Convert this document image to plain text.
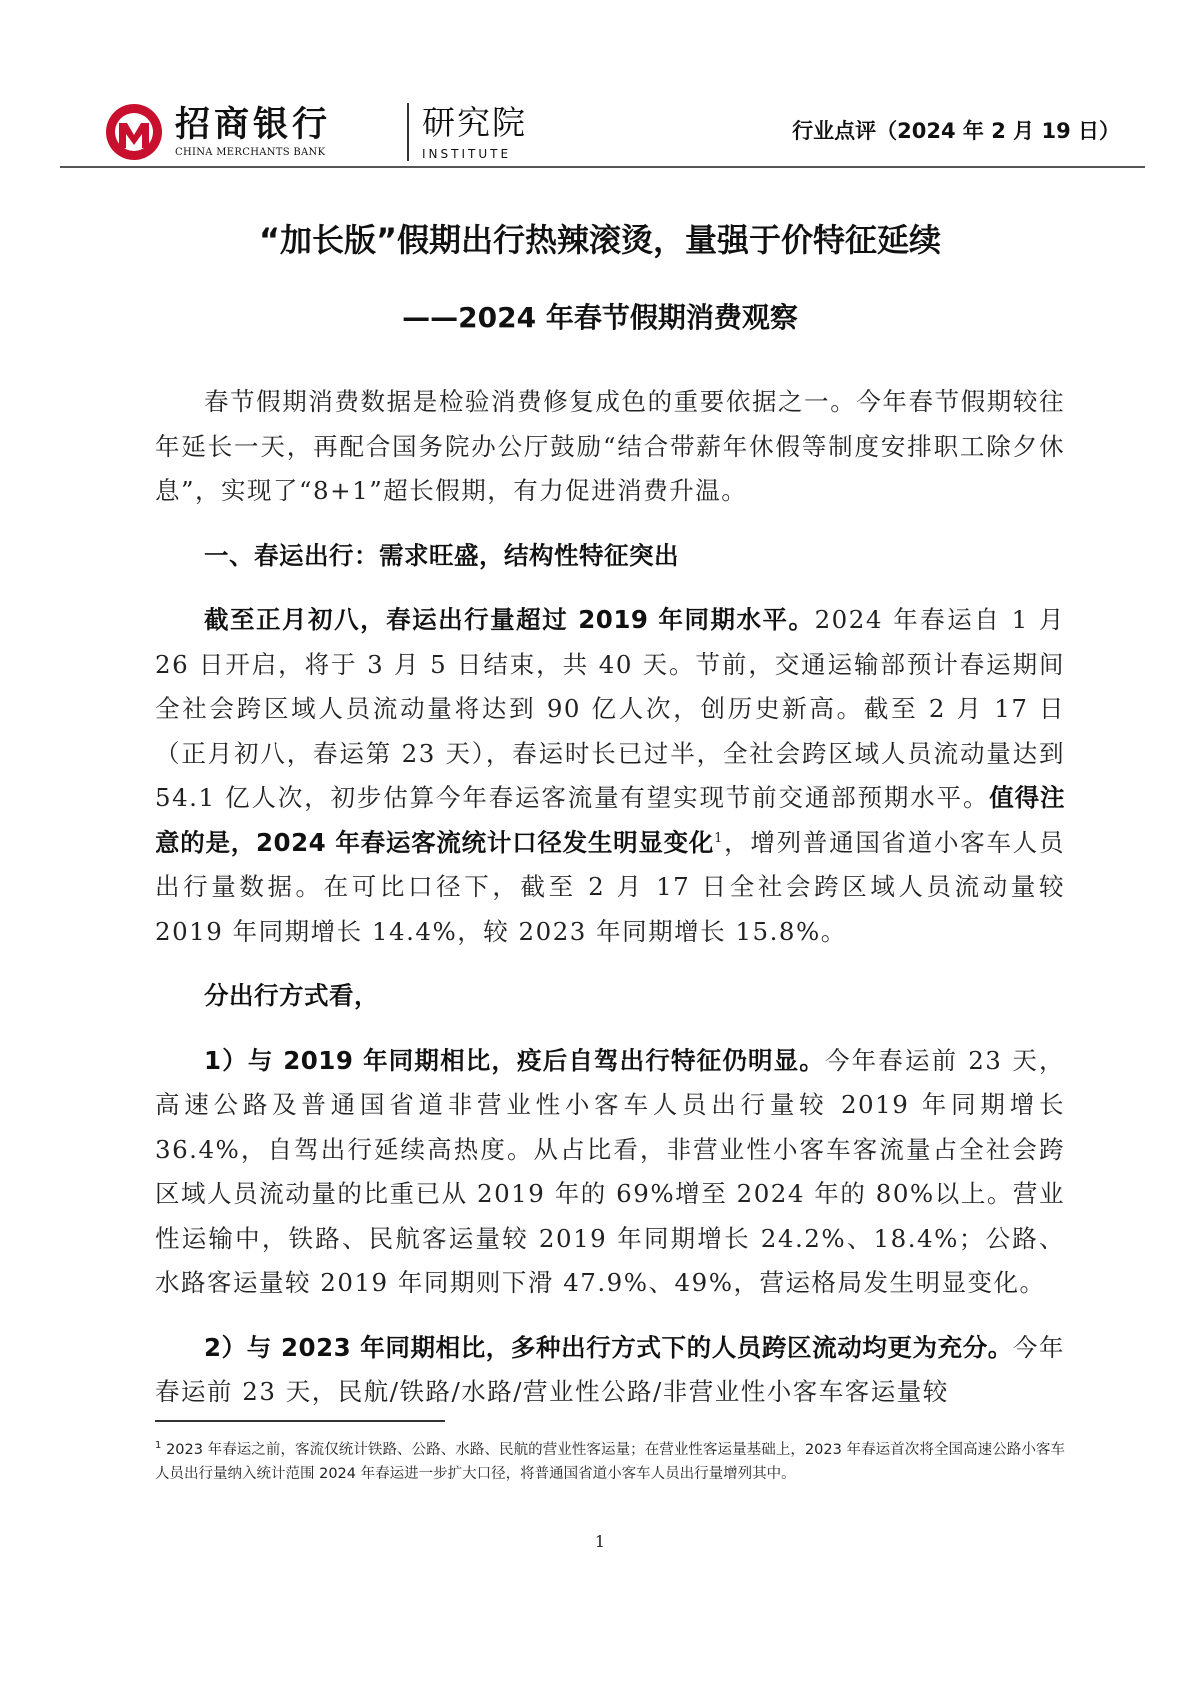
招商银行
CHINA MERCHANTS BANK
研究院
INSTITUTE
行业点评（2024 年 2 月 19 日）
“加长版”假期出行热辣滚烫，量强于价特征延续
——2024 年春节假期消费观察

春节假期消费数据是检验消费修复成色的重要依据之一。今年春节假期较往年延长一天，再配合国务院办公厅鼓励“结合带薪年休假等制度安排职工除夕休息”，实现了“8+1”超长假期，有力促进消费升温。

一、春运出行：需求旺盛，结构性特征突出

截至正月初八，春运出行量超过 2019 年同期水平。2024 年春运自 1 月 26 日开启，将于 3 月 5 日结束，共 40 天。节前，交通运输部预计春运期间全社会跨区域人员流动量将达到 90 亿人次，创历史新高。截至 2 月 17 日（正月初八，春运第 23 天），春运时长已过半，全社会跨区域人员流动量达到 54.1 亿人次，初步估算今年春运客流量有望实现节前交通部预期水平。值得注意的是，2024 年春运客流统计口径发生明显变化$^1$，增列普通国省道小客车人员出行量数据。在可比口径下，截至 2 月 17 日全社会跨区域人员流动量较 2019 年同期增长 14.4%，较 2023 年同期增长 15.8%。

分出行方式看，

1）与 2019 年同期相比，疫后自驾出行特征仍明显。今年春运前 23 天，高速公路及普通国省道非营业性小客车人员出行量较 2019 年同期增长 36.4%，自驾出行延续高热度。从占比看，非营业性小客车客流量占全社会跨区域人员流动量的比重已从 2019 年的 69%增至 2024 年的 80%以上。营业性运输中，铁路、民航客运量较 2019 年同期增长 24.2%、18.4%；公路、水路客运量较 2019 年同期则下滑 47.9%、49%，营运格局发生明显变化。

2）与 2023 年同期相比，多种出行方式下的人员跨区流动均更为充分。今年春运前 23 天，民航/铁路/水路/营业性公路/非营业性小客车客运量较

$^1$ 2023 年春运之前，客流仅统计铁路、公路、水路、民航的营业性客运量；在营业性客运量基础上，2023 年春运首次将全国高速公路小客车人员出行量纳入统计范围 2024 年春运进一步扩大口径，将普通国省道小客车人员出行量增列其中。
1
